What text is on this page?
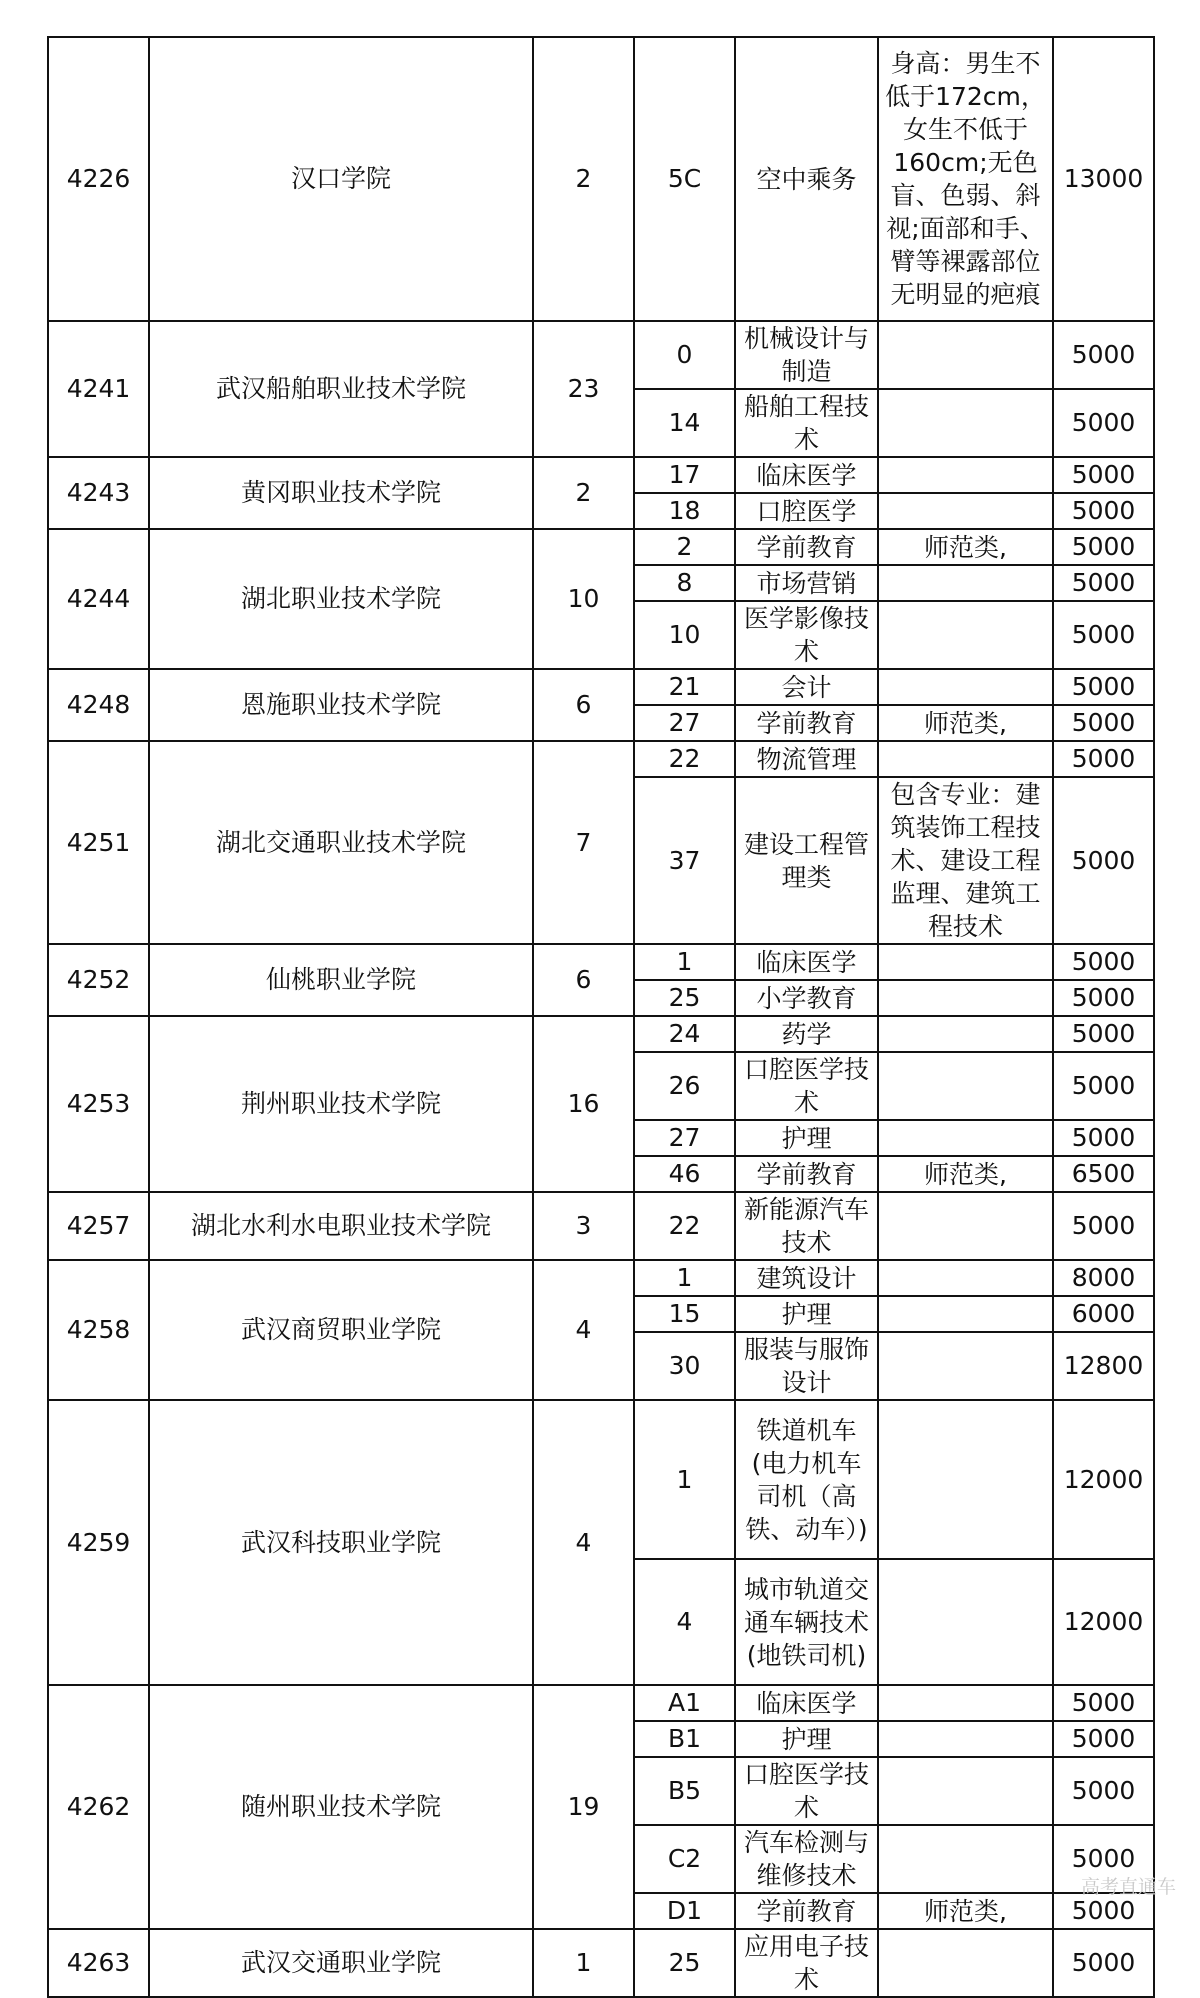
4226	汉口学院	2	5C	空中乘务	身高：男生不低于172cm，女生不低于160cm;无色盲、色弱、斜视;面部和手、臂等裸露部位无明显的疤痕	13000
4241	武汉船舶职业技术学院	23	0	机械设计与制造		5000
			14	船舶工程技术		5000
4243	黄冈职业技术学院	2	17	临床医学		5000
			18	口腔医学		5000
4244	湖北职业技术学院	10	2	学前教育	师范类,	5000
			8	市场营销		5000
			10	医学影像技术		5000
4248	恩施职业技术学院	6	21	会计		5000
			27	学前教育	师范类,	5000
4251	湖北交通职业技术学院	7	22	物流管理		5000
			37	建设工程管理类	包含专业：建筑装饰工程技术、建设工程监理、建筑工程技术	5000
4252	仙桃职业学院	6	1	临床医学		5000
			25	小学教育		5000
4253	荆州职业技术学院	16	24	药学		5000
			26	口腔医学技术		5000
			27	护理		5000
			46	学前教育	师范类,	6500
4257	湖北水利水电职业技术学院	3	22	新能源汽车技术		5000
4258	武汉商贸职业学院	4	1	建筑设计		8000
			15	护理		6000
			30	服装与服饰设计		12800
4259	武汉科技职业学院	4	1	铁道机车(电力机车司机（高铁、动车）)		12000
			4	城市轨道交通车辆技术(地铁司机)		12000
4262	随州职业技术学院	19	A1	临床医学		5000
			B1	护理		5000
			B5	口腔医学技术		5000
			C2	汽车检测与维修技术		5000
			D1	学前教育	师范类,	5000
4263	武汉交通职业学院	1	25	应用电子技术		5000
高考直通车
